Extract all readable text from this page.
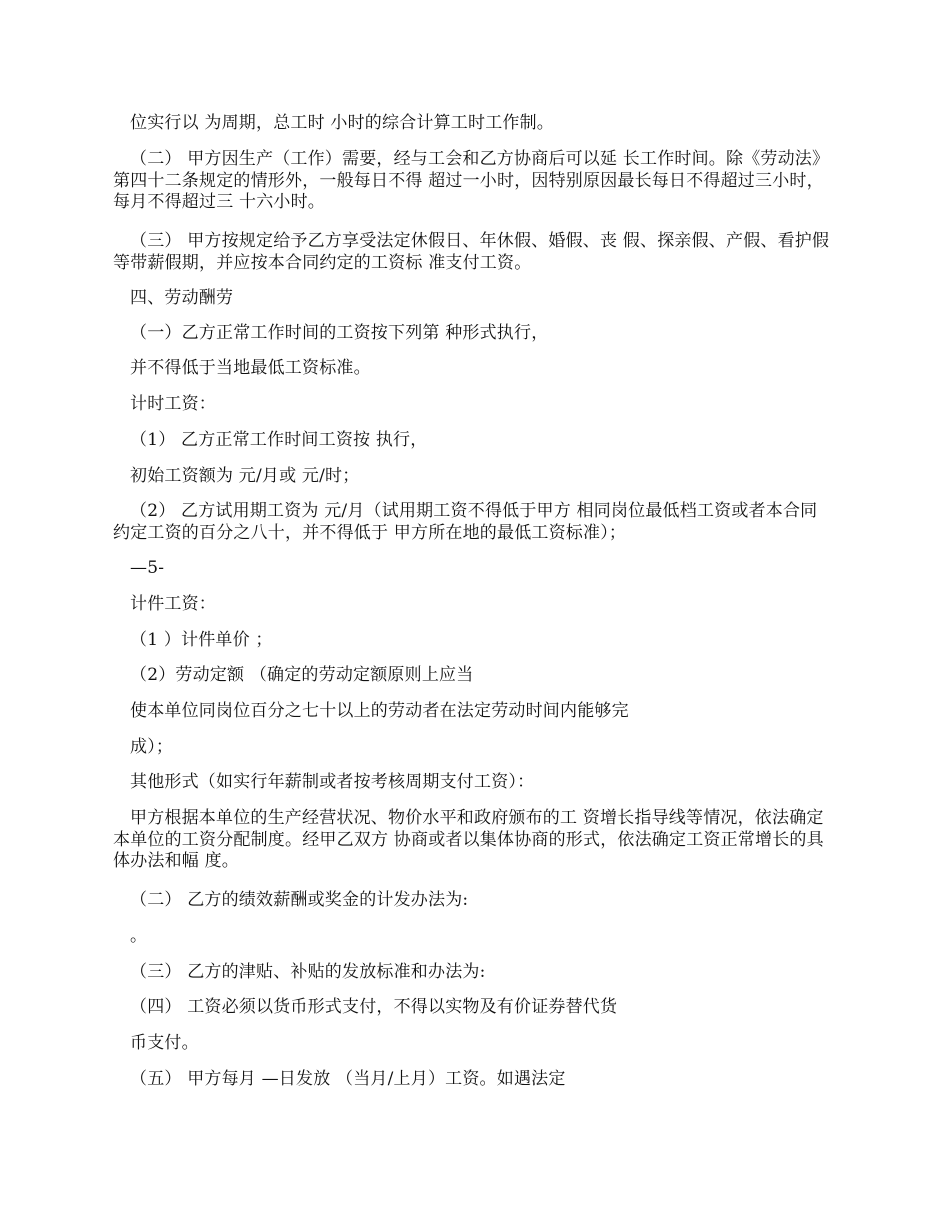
位实行以 为周期，总工时 小时的综合计算工时工作制。

（二） 甲方因生产（工作）需要，经与工会和乙方协商后可以延 长工作时间。除《劳动法》第四十二条规定的情形外，一般每日不得 超过一小时，因特别原因最长每日不得超过三小时，每月不得超过三 十六小时。

（三） 甲方按规定给予乙方享受法定休假日、年休假、婚假、丧 假、探亲假、产假、看护假等带薪假期，并应按本合同约定的工资标 准支付工资。

四、劳动酬劳

（一）乙方正常工作时间的工资按下列第 种形式执行，

并不得低于当地最低工资标准。

计时工资：

（1） 乙方正常工作时间工资按 执行，

初始工资额为 元/月或 元/时；

（2） 乙方试用期工资为 元/月（试用期工资不得低于甲方 相同岗位最低档工资或者本合同约定工资的百分之八十，并不得低于 甲方所在地的最低工资标准）；

—5-

计件工资：

（1 ）计件单价 ；

（2）劳动定额 （确定的劳动定额原则上应当

使本单位同岗位百分之七十以上的劳动者在法定劳动时间内能够完

成）；

其他形式（如实行年薪制或者按考核周期支付工资）：

甲方根据本单位的生产经营状况、物价水平和政府颁布的工 资增长指导线等情况，依法确定本单位的工资分配制度。经甲乙双方 协商或者以集体协商的形式，依法确定工资正常增长的具体办法和幅 度。

（二） 乙方的绩效薪酬或奖金的计发办法为:

。

（三） 乙方的津贴、补贴的发放标准和办法为:

（四） 工资必须以货币形式支付，不得以实物及有价证券替代货

币支付。

（五） 甲方每月 —日发放 （当月/上月）工资。如遇法定
